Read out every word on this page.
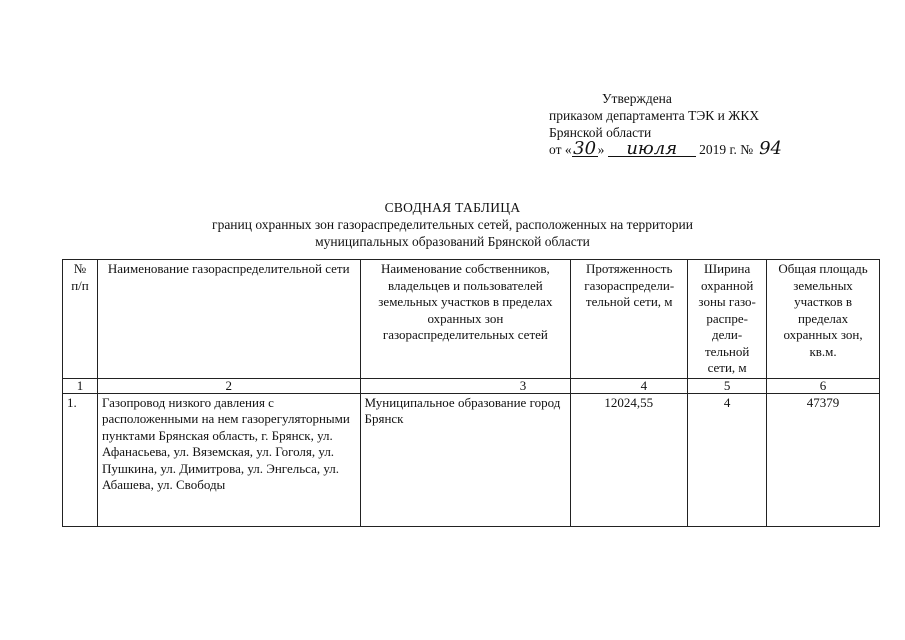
Утверждена
приказом департамента ТЭК и ЖКХ
Брянской области
от «30 » июля 2019 г. № 94
СВОДНАЯ ТАБЛИЦА
границ охранных зон газораспределительных сетей, расположенных на территории
муниципальных образований Брянской области
№ п/п	Наименование газораспределительной сети	Наименование собственников, владельцев и пользователей земельных участков в пределах охранных зон газораспределительных сетей	Протяженность газораспредели-тельной сети, м	Ширина охранной зоны газо-распре-дели-тельной сети, м	Общая площадь земельных участков в пределах охранных зон, кв.м.
1	2	3	4	5	6
1.	Газопровод низкого давления с расположенными на нем газорегуляторными пунктами Брянская область, г. Брянск, ул. Афанасьева, ул. Вяземская, ул. Гоголя, ул. Пушкина, ул. Димитрова, ул. Энгельса, ул. Абашева, ул. Свободы	Муниципальное образование город Брянск	12024,55	4	47379
